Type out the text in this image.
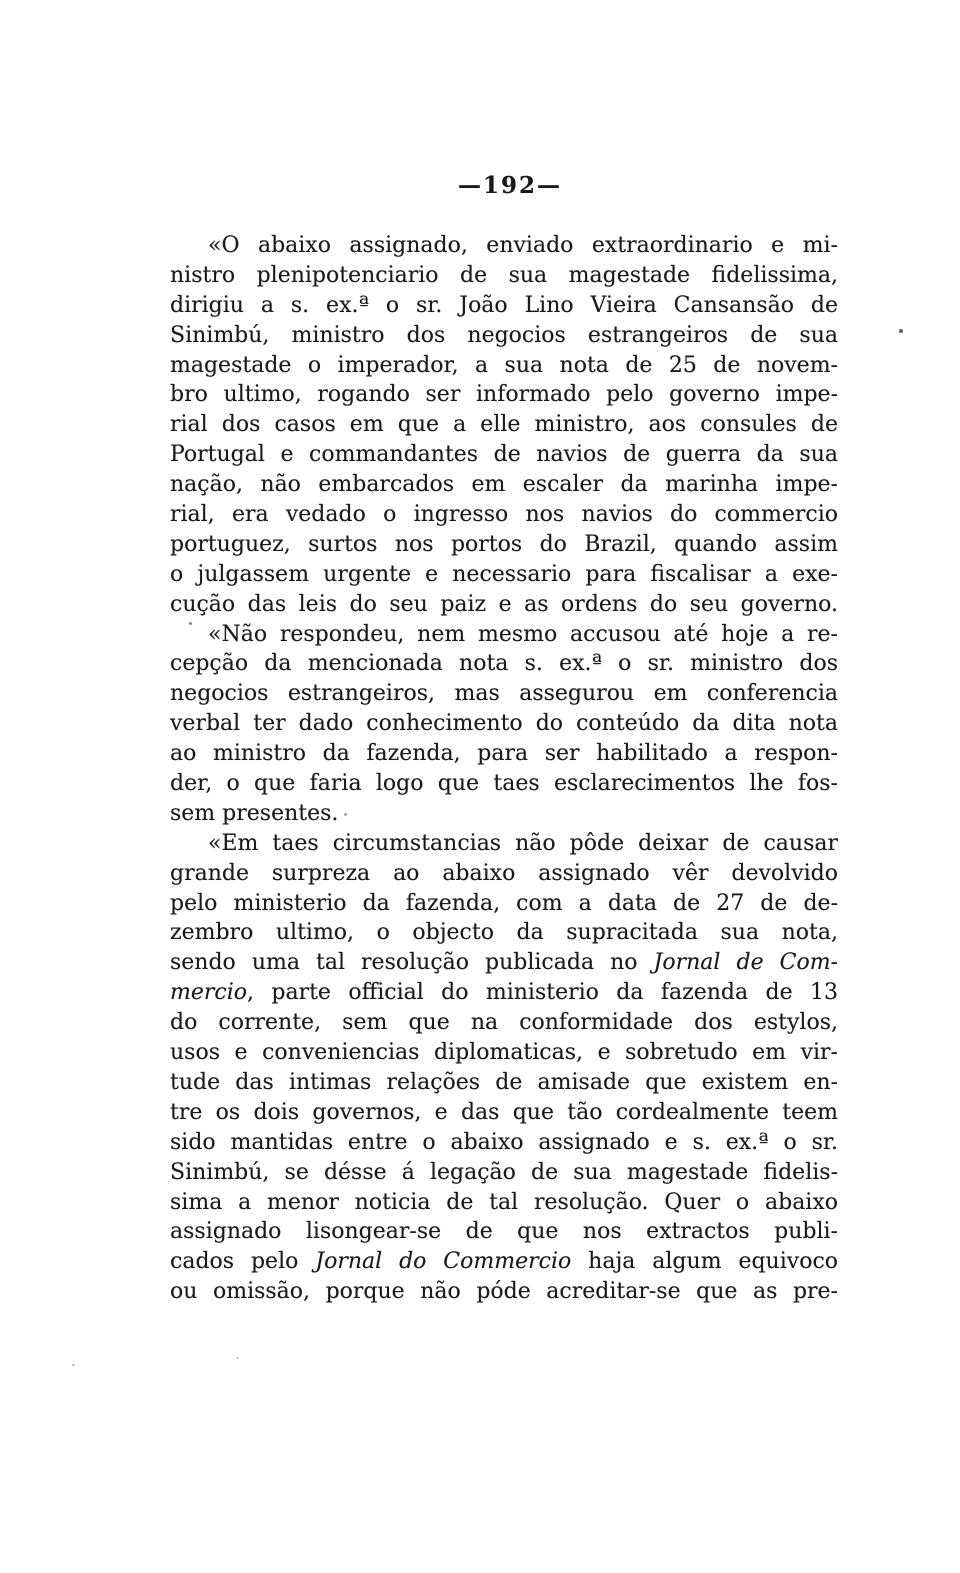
—192—
«O abaixo assignado, enviado extraordinario e mi-
nistro plenipotenciario de sua magestade fidelissima,
dirigiu a s. ex.ª o sr. João Lino Vieira Cansansão de
Sinimbú, ministro dos negocios estrangeiros de sua
magestade o imperador, a sua nota de 25 de novem-
bro ultimo, rogando ser informado pelo governo impe-
rial dos casos em que a elle ministro, aos consules de
Portugal e commandantes de navios de guerra da sua
nação, não embarcados em escaler da marinha impe-
rial, era vedado o ingresso nos navios do commercio
portuguez, surtos nos portos do Brazil, quando assim
o julgassem urgente e necessario para fiscalisar a exe-
cução das leis do seu paiz e as ordens do seu governo.
«Não respondeu, nem mesmo accusou até hoje a re-
cepção da mencionada nota s. ex.ª o sr. ministro dos
negocios estrangeiros, mas assegurou em conferencia
verbal ter dado conhecimento do conteúdo da dita nota
ao ministro da fazenda, para ser habilitado a respon-
der, o que faria logo que taes esclarecimentos lhe fos-
sem presentes.
«Em taes circumstancias não pôde deixar de causar
grande surpreza ao abaixo assignado vêr devolvido
pelo ministerio da fazenda, com a data de 27 de de-
zembro ultimo, o objecto da supracitada sua nota,
sendo uma tal resolução publicada no Jornal de Com-
mercio, parte official do ministerio da fazenda de 13
do corrente, sem que na conformidade dos estylos,
usos e conveniencias diplomaticas, e sobretudo em vir-
tude das intimas relações de amisade que existem en-
tre os dois governos, e das que tão cordealmente teem
sido mantidas entre o abaixo assignado e s. ex.ª o sr.
Sinimbú, se désse á legação de sua magestade fidelis-
sima a menor noticia de tal resolução. Quer o abaixo
assignado lisongear-se de que nos extractos publi-
cados pelo Jornal do Commercio haja algum equivoco
ou omissão, porque não póde acreditar-se que as pre-
